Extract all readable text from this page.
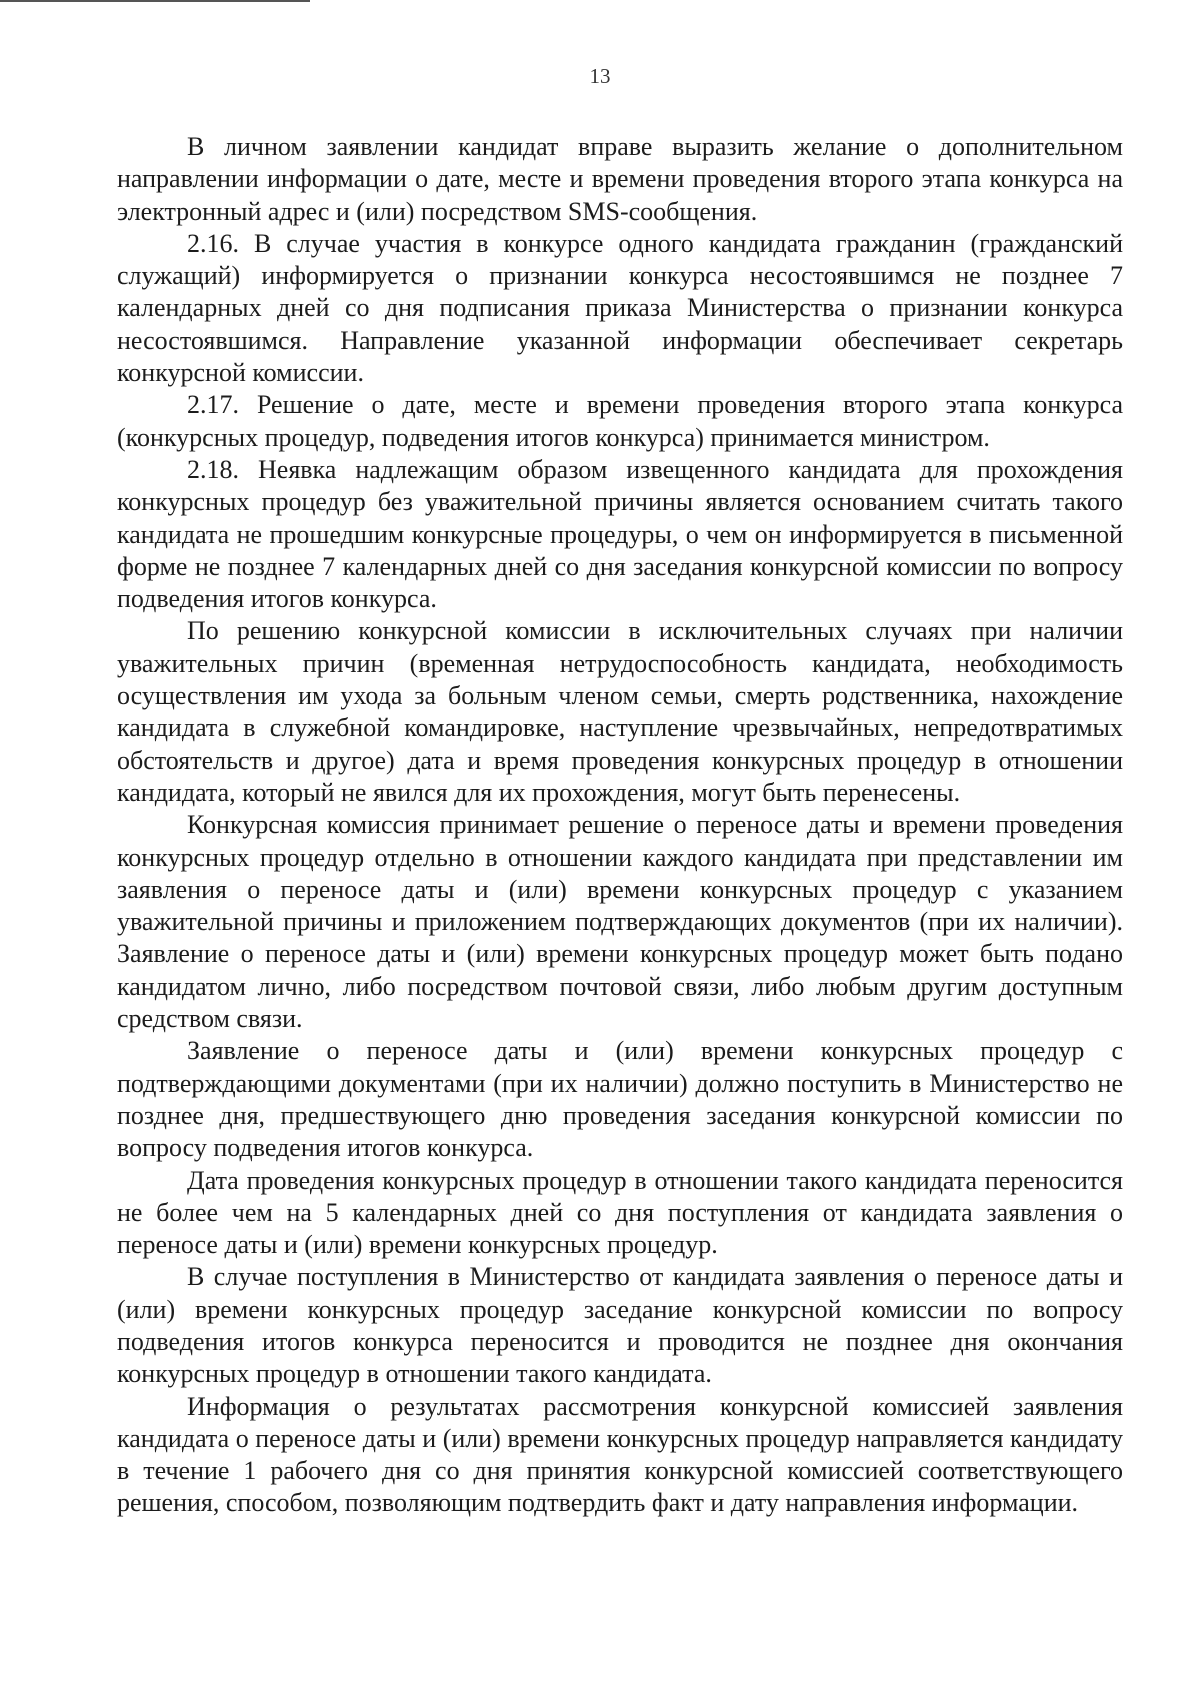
13

В личном заявлении кандидат вправе выразить желание о дополнительном направлении информации о дате, месте и времени проведения второго этапа конкурса на электронный адрес и (или) посредством SMS-сообщения.

2.16. В случае участия в конкурсе одного кандидата гражданин (гражданский служащий) информируется о признании конкурса несостоявшимся не позднее 7 календарных дней со дня подписания приказа Министерства о признании конкурса несостоявшимся. Направление указанной информации обеспечивает секретарь конкурсной комиссии.

2.17. Решение о дате, месте и времени проведения второго этапа конкурса (конкурсных процедур, подведения итогов конкурса) принимается министром.

2.18. Неявка надлежащим образом извещенного кандидата для прохождения конкурсных процедур без уважительной причины является основанием считать такого кандидата не прошедшим конкурсные процедуры, о чем он информируется в письменной форме не позднее 7 календарных дней со дня заседания конкурсной комиссии по вопросу подведения итогов конкурса.

По решению конкурсной комиссии в исключительных случаях при наличии уважительных причин (временная нетрудоспособность кандидата, необходимость осуществления им ухода за больным членом семьи, смерть родственника, нахождение кандидата в служебной командировке, наступление чрезвычайных, непредотвратимых обстоятельств и другое) дата и время проведения конкурсных процедур в отношении кандидата, который не явился для их прохождения, могут быть перенесены.

Конкурсная комиссия принимает решение о переносе даты и времени проведения конкурсных процедур отдельно в отношении каждого кандидата при представлении им заявления о переносе даты и (или) времени конкурсных процедур с указанием уважительной причины и приложением подтверждающих документов (при их наличии). Заявление о переносе даты и (или) времени конкурсных процедур может быть подано кандидатом лично, либо посредством почтовой связи, либо любым другим доступным средством связи.

Заявление о переносе даты и (или) времени конкурсных процедур с подтверждающими документами (при их наличии) должно поступить в Министерство не позднее дня, предшествующего дню проведения заседания конкурсной комиссии по вопросу подведения итогов конкурса.

Дата проведения конкурсных процедур в отношении такого кандидата переносится не более чем на 5 календарных дней со дня поступления от кандидата заявления о переносе даты и (или) времени конкурсных процедур.

В случае поступления в Министерство от кандидата заявления о переносе даты и (или) времени конкурсных процедур заседание конкурсной комиссии по вопросу подведения итогов конкурса переносится и проводится не позднее дня окончания конкурсных процедур в отношении такого кандидата.

Информация о результатах рассмотрения конкурсной комиссией заявления кандидата о переносе даты и (или) времени конкурсных процедур направляется кандидату в течение 1 рабочего дня со дня принятия конкурсной комиссией соответствующего решения, способом, позволяющим подтвердить факт и дату направления информации.
